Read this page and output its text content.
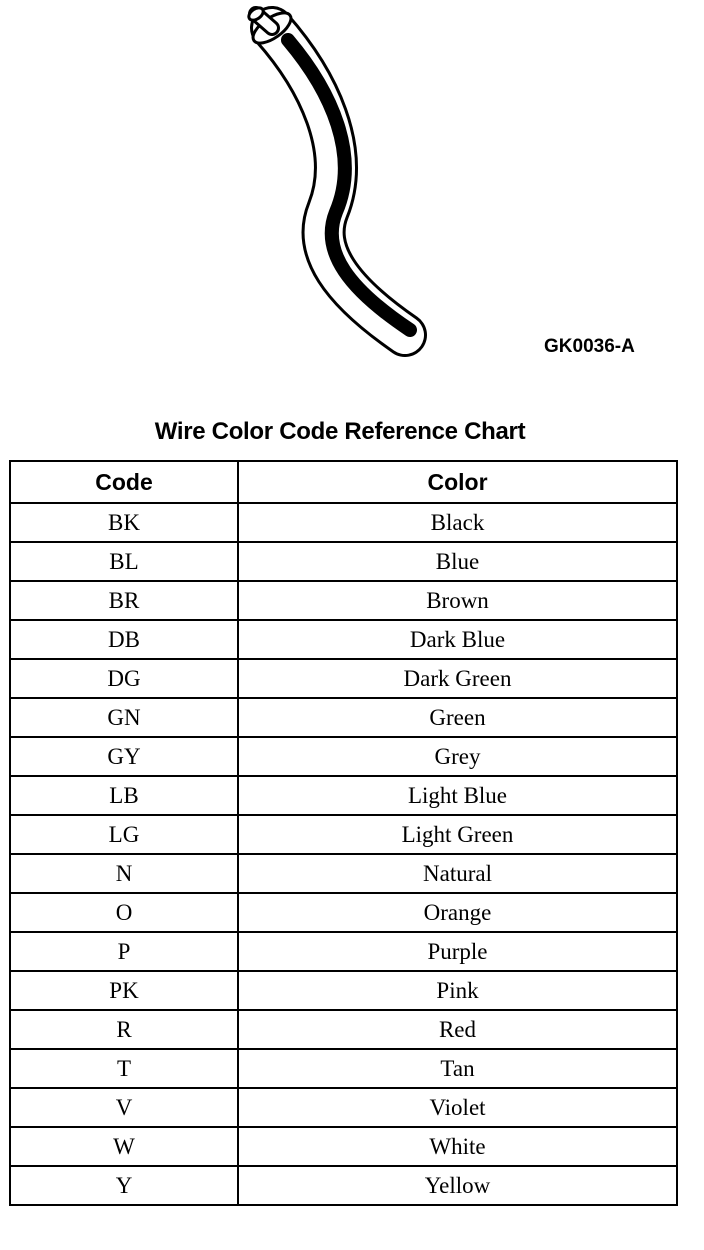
GK0036-A
Wire Color Code Reference Chart
Code	Color
BK	Black
BL	Blue
BR	Brown
DB	Dark Blue
DG	Dark Green
GN	Green
GY	Grey
LB	Light Blue
LG	Light Green
N	Natural
O	Orange
P	Purple
PK	Pink
R	Red
T	Tan
V	Violet
W	White
Y	Yellow
